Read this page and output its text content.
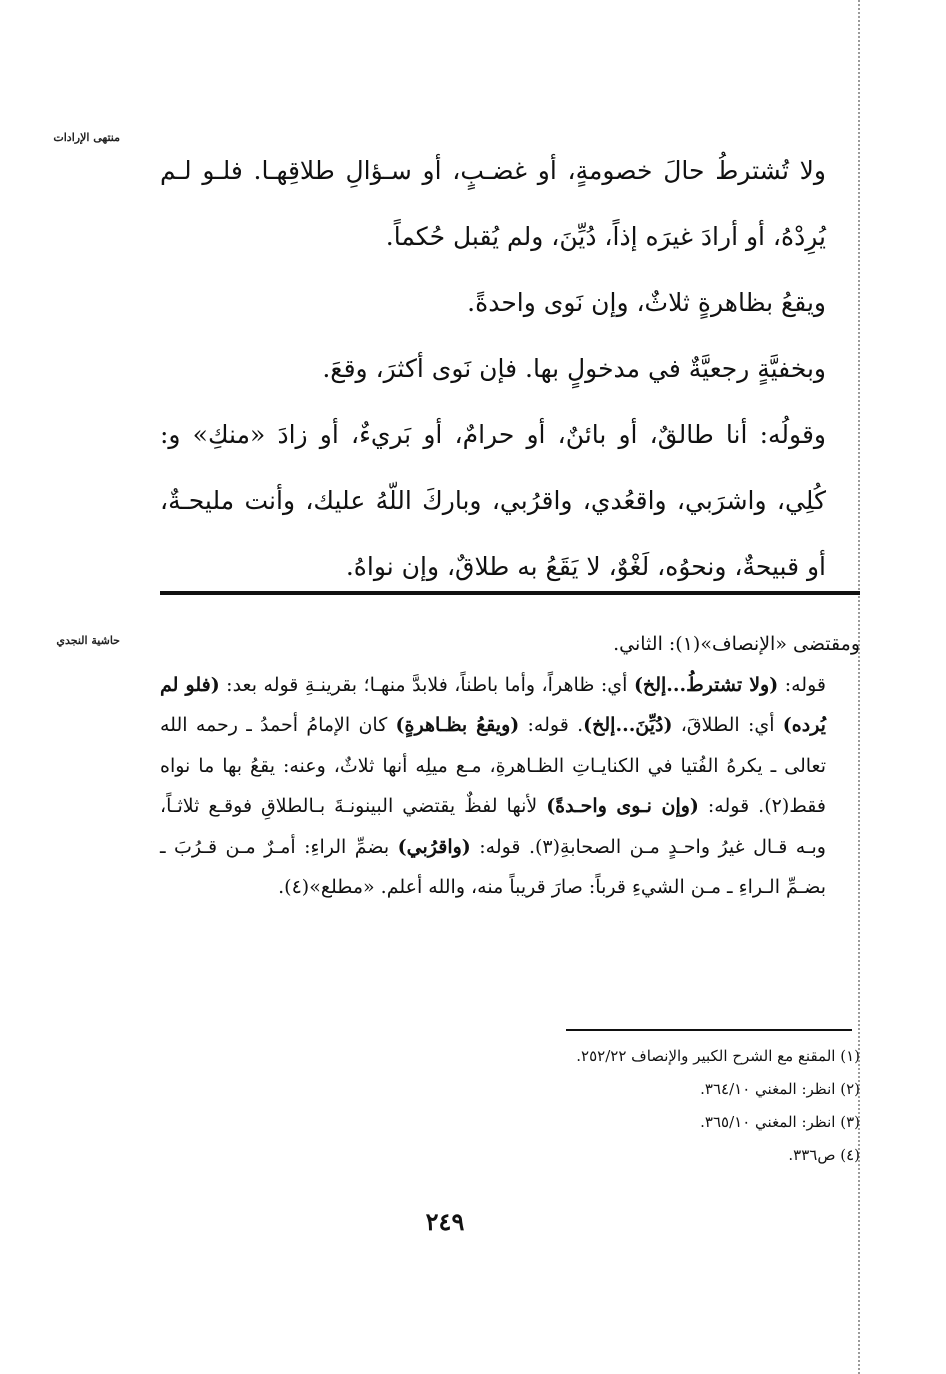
منتهى الإرادات
حاشية النجدي

ولا تُشترطُ حالَ خصومةٍ، أو غضـبٍ، أو سـؤالِ طلاقِهـا. فلـو لـم يُرِدْهُ، أو أرادَ غيرَه إذاً، دُيِّنَ، ولم يُقبل حُكماً.

ويقعُ بظاهرةٍ ثلاثٌ، وإن نَوى واحدةً.

وبخفيَّةٍ رجعيَّةٌ في مدخولٍ بها. فإن نَوى أكثرَ، وقعَ.

وقولُه: أنا طالقٌ، أو بائنٌ، أو حرامٌ، أو بَريءٌ، أو زادَ «منكِ» و: كُلِي، واشرَبي، واقعُدي، واقرُبي، وباركَ اللّهُ عليك، وأنت مليحـةٌ، أو قبيحةٌ، ونحوُه، لَغْوٌ، لا يَقَعُ به طلاقٌ، وإن نواهُ.

ومقتضى «الإنصاف»(١): الثاني.

قوله: (ولا تشترطُ...إلخ) أي: ظاهراً، وأما باطناً، فلابدَّ منهـا؛ بقرينـةِ قوله بعد: (فلو لم يُرده) أي: الطلاقَ، (دُيِّنَ...إلخ). قوله: (ويقعُ بظـاهرةٍ) كان الإمامُ أحمدُ ـ رحمه الله تعالى ـ يكرهُ الفُتيا في الكنايـاتِ الظـاهرةِ، مـع ميلِه أنها ثلاثٌ، وعنه: يقعُ بها ما نواه فقط(٢). قوله: (وإن نـوى واحـدةً) لأنها لفظٌ يقتضي البينونـةَ بـالطلاقِ فوقـع ثلاثـاً، وبـه قـال غيرُ واحـدٍ مـن الصحابةِ(٣). قوله: (واقرُبي) بضمِّ الراءِ: أمـرٌ مـن قـرُبَ ـ بضـمِّ الـراءِ ـ مـن الشيءِ قرباً: صارَ قريباً منه، والله أعلم. «مطلع»(٤).

(١) المقنع مع الشرح الكبير والإنصاف ٢٥٢/٢٢.
(٢) انظر: المغني ٣٦٤/١٠.
(٣) انظر: المغني ٣٦٥/١٠.
(٤) ص٣٣٦.
٢٤٩
